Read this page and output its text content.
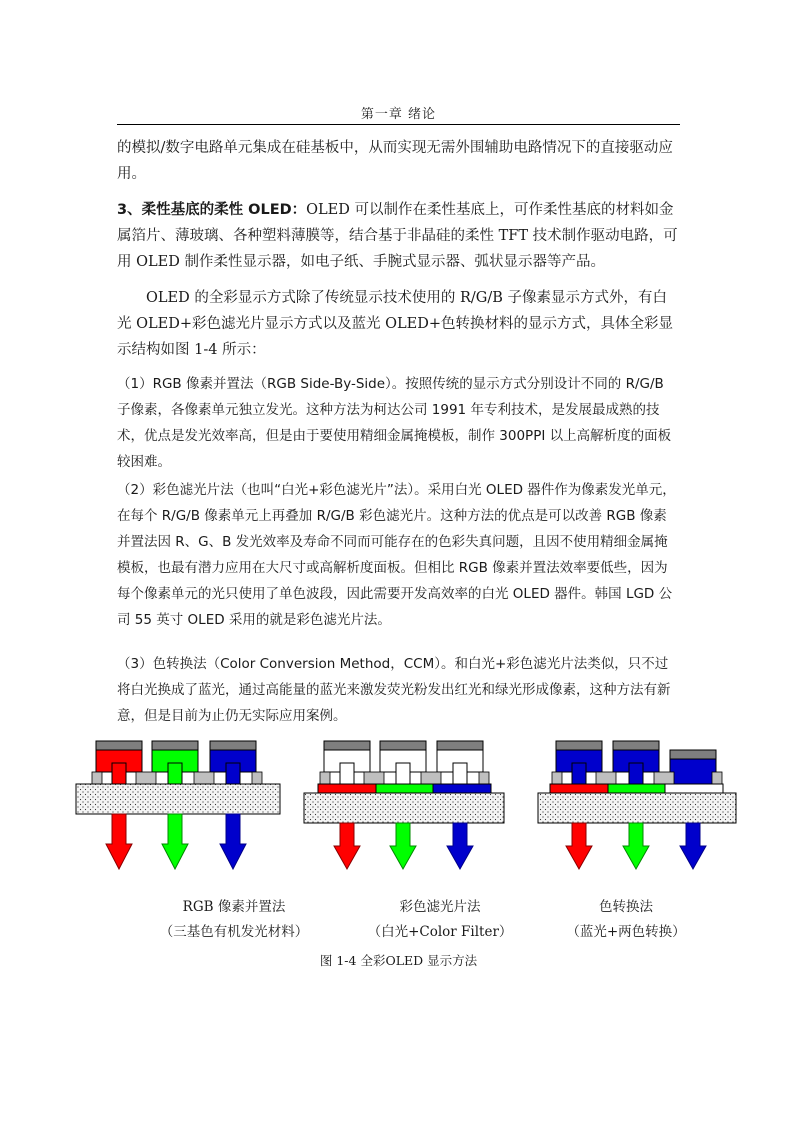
第一章 绪论

的模拟/数字电路单元集成在硅基板中，从而实现无需外围辅助电路情况下的直接驱动应用。

3、柔性基底的柔性 OLED：OLED 可以制作在柔性基底上，可作柔性基底的材料如金属箔片、薄玻璃、各种塑料薄膜等，结合基于非晶硅的柔性 TFT 技术制作驱动电路，可用 OLED 制作柔性显示器，如电子纸、手腕式显示器、弧状显示器等产品。

OLED 的全彩显示方式除了传统显示技术使用的 R/G/B 子像素显示方式外，有白光 OLED+彩色滤光片显示方式以及蓝光 OLED+色转换材料的显示方式，具体全彩显示结构如图 1-4 所示：

（1）RGB 像素并置法（RGB Side-By-Side）。按照传统的显示方式分别设计不同的 R/G/B 子像素，各像素单元独立发光。这种方法为柯达公司 1991 年专利技术，是发展最成熟的技术，优点是发光效率高，但是由于要使用精细金属掩模板，制作 300PPI 以上高解析度的面板较困难。

（2）彩色滤光片法（也叫“白光+彩色滤光片”法）。采用白光 OLED 器件作为像素发光单元，在每个 R/G/B 像素单元上再叠加 R/G/B 彩色滤光片。这种方法的优点是可以改善 RGB 像素并置法因 R、G、B 发光效率及寿命不同而可能存在的色彩失真问题，且因不使用精细金属掩模板，也最有潜力应用在大尺寸或高解析度面板。但相比 RGB 像素并置法效率要低些，因为每个像素单元的光只使用了单色波段，因此需要开发高效率的白光 OLED 器件。韩国 LGD 公司 55 英寸 OLED 采用的就是彩色滤光片法。

（3）色转换法（Color Conversion Method，CCM）。和白光+彩色滤光片法类似，只不过将白光换成了蓝光，通过高能量的蓝光来激发荧光粉发出红光和绿光形成像素，这种方法有新意，但是目前为止仍无实际应用案例。

RGB 像素并置法
（三基色有机发光材料）
彩色滤光片法
（白光+Color Filter）
色转换法
（蓝光+两色转换）
图 1-4 全彩OLED 显示方法
